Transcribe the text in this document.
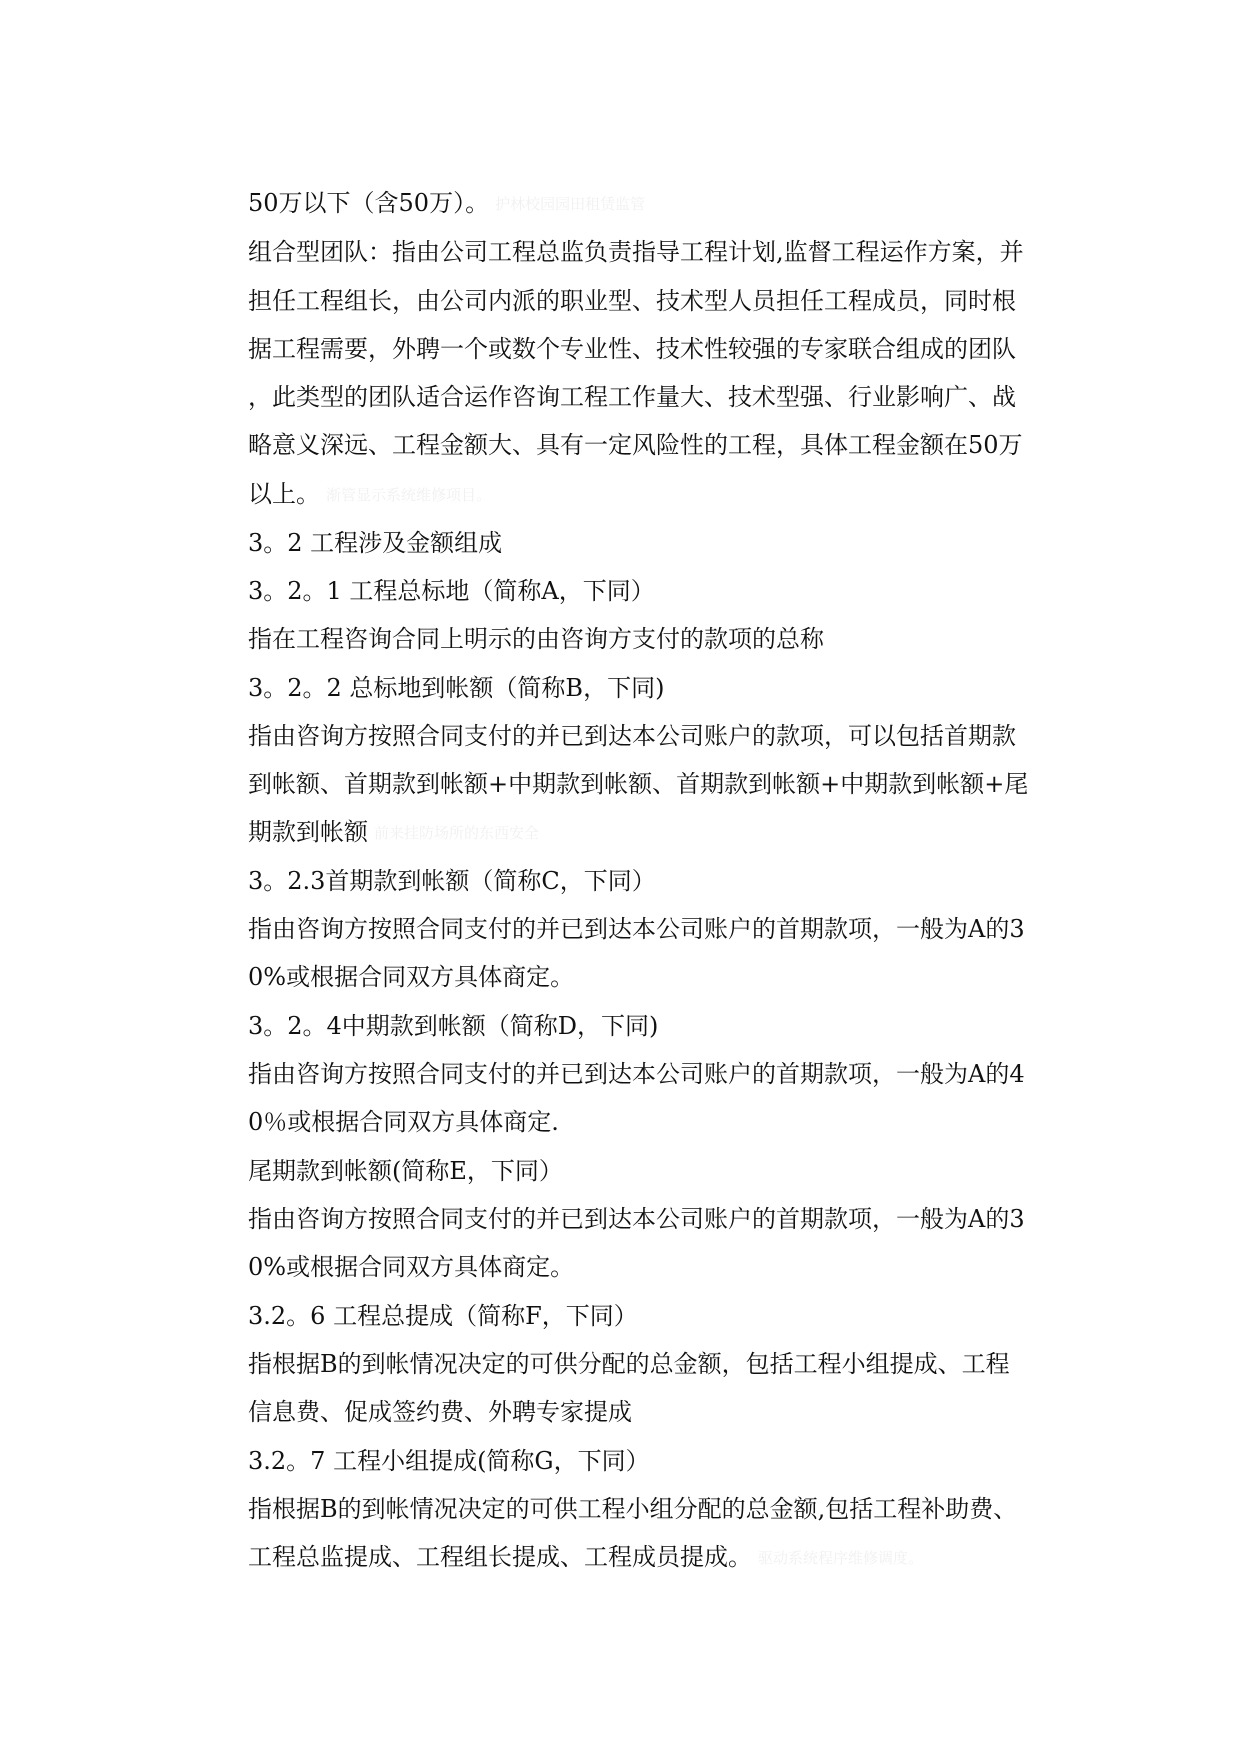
50万以下（含50万）。 护林校园园田租赁监管
组合型团队：指由公司工程总监负责指导工程计划,监督工程运作方案，并
担任工程组长，由公司内派的职业型、技术型人员担任工程成员，同时根
据工程需要，外聘一个或数个专业性、技术性较强的专家联合组成的团队
，此类型的团队适合运作咨询工程工作量大、技术型强、行业影响广、战
略意义深远、工程金额大、具有一定风险性的工程，具体工程金额在50万
以上。 渐管显示系统维修项目。
3。2 工程涉及金额组成
3。2。1 工程总标地（简称A，下同）
指在工程咨询合同上明示的由咨询方支付的款项的总称
3。2。2 总标地到帐额（简称B，下同)
指由咨询方按照合同支付的并已到达本公司账户的款项，可以包括首期款
到帐额、首期款到帐额+中期款到帐额、首期款到帐额+中期款到帐额+尾
期款到帐额 前来挂防场所的东西安全
3。2.3首期款到帐额（简称C，下同）
指由咨询方按照合同支付的并已到达本公司账户的首期款项，一般为A的3
0%或根据合同双方具体商定。
3。2。4中期款到帐额（简称D，下同)
指由咨询方按照合同支付的并已到达本公司账户的首期款项，一般为A的4
0％或根据合同双方具体商定.
尾期款到帐额(简称E，下同）
指由咨询方按照合同支付的并已到达本公司账户的首期款项，一般为A的3
0%或根据合同双方具体商定。
3.2。6 工程总提成（简称F，下同）
指根据B的到帐情况决定的可供分配的总金额，包括工程小组提成、工程
信息费、促成签约费、外聘专家提成
3.2。7 工程小组提成(简称G，下同）
指根据B的到帐情况决定的可供工程小组分配的总金额,包括工程补助费、
工程总监提成、工程组长提成、工程成员提成。 驱动系统程序维修调度。
